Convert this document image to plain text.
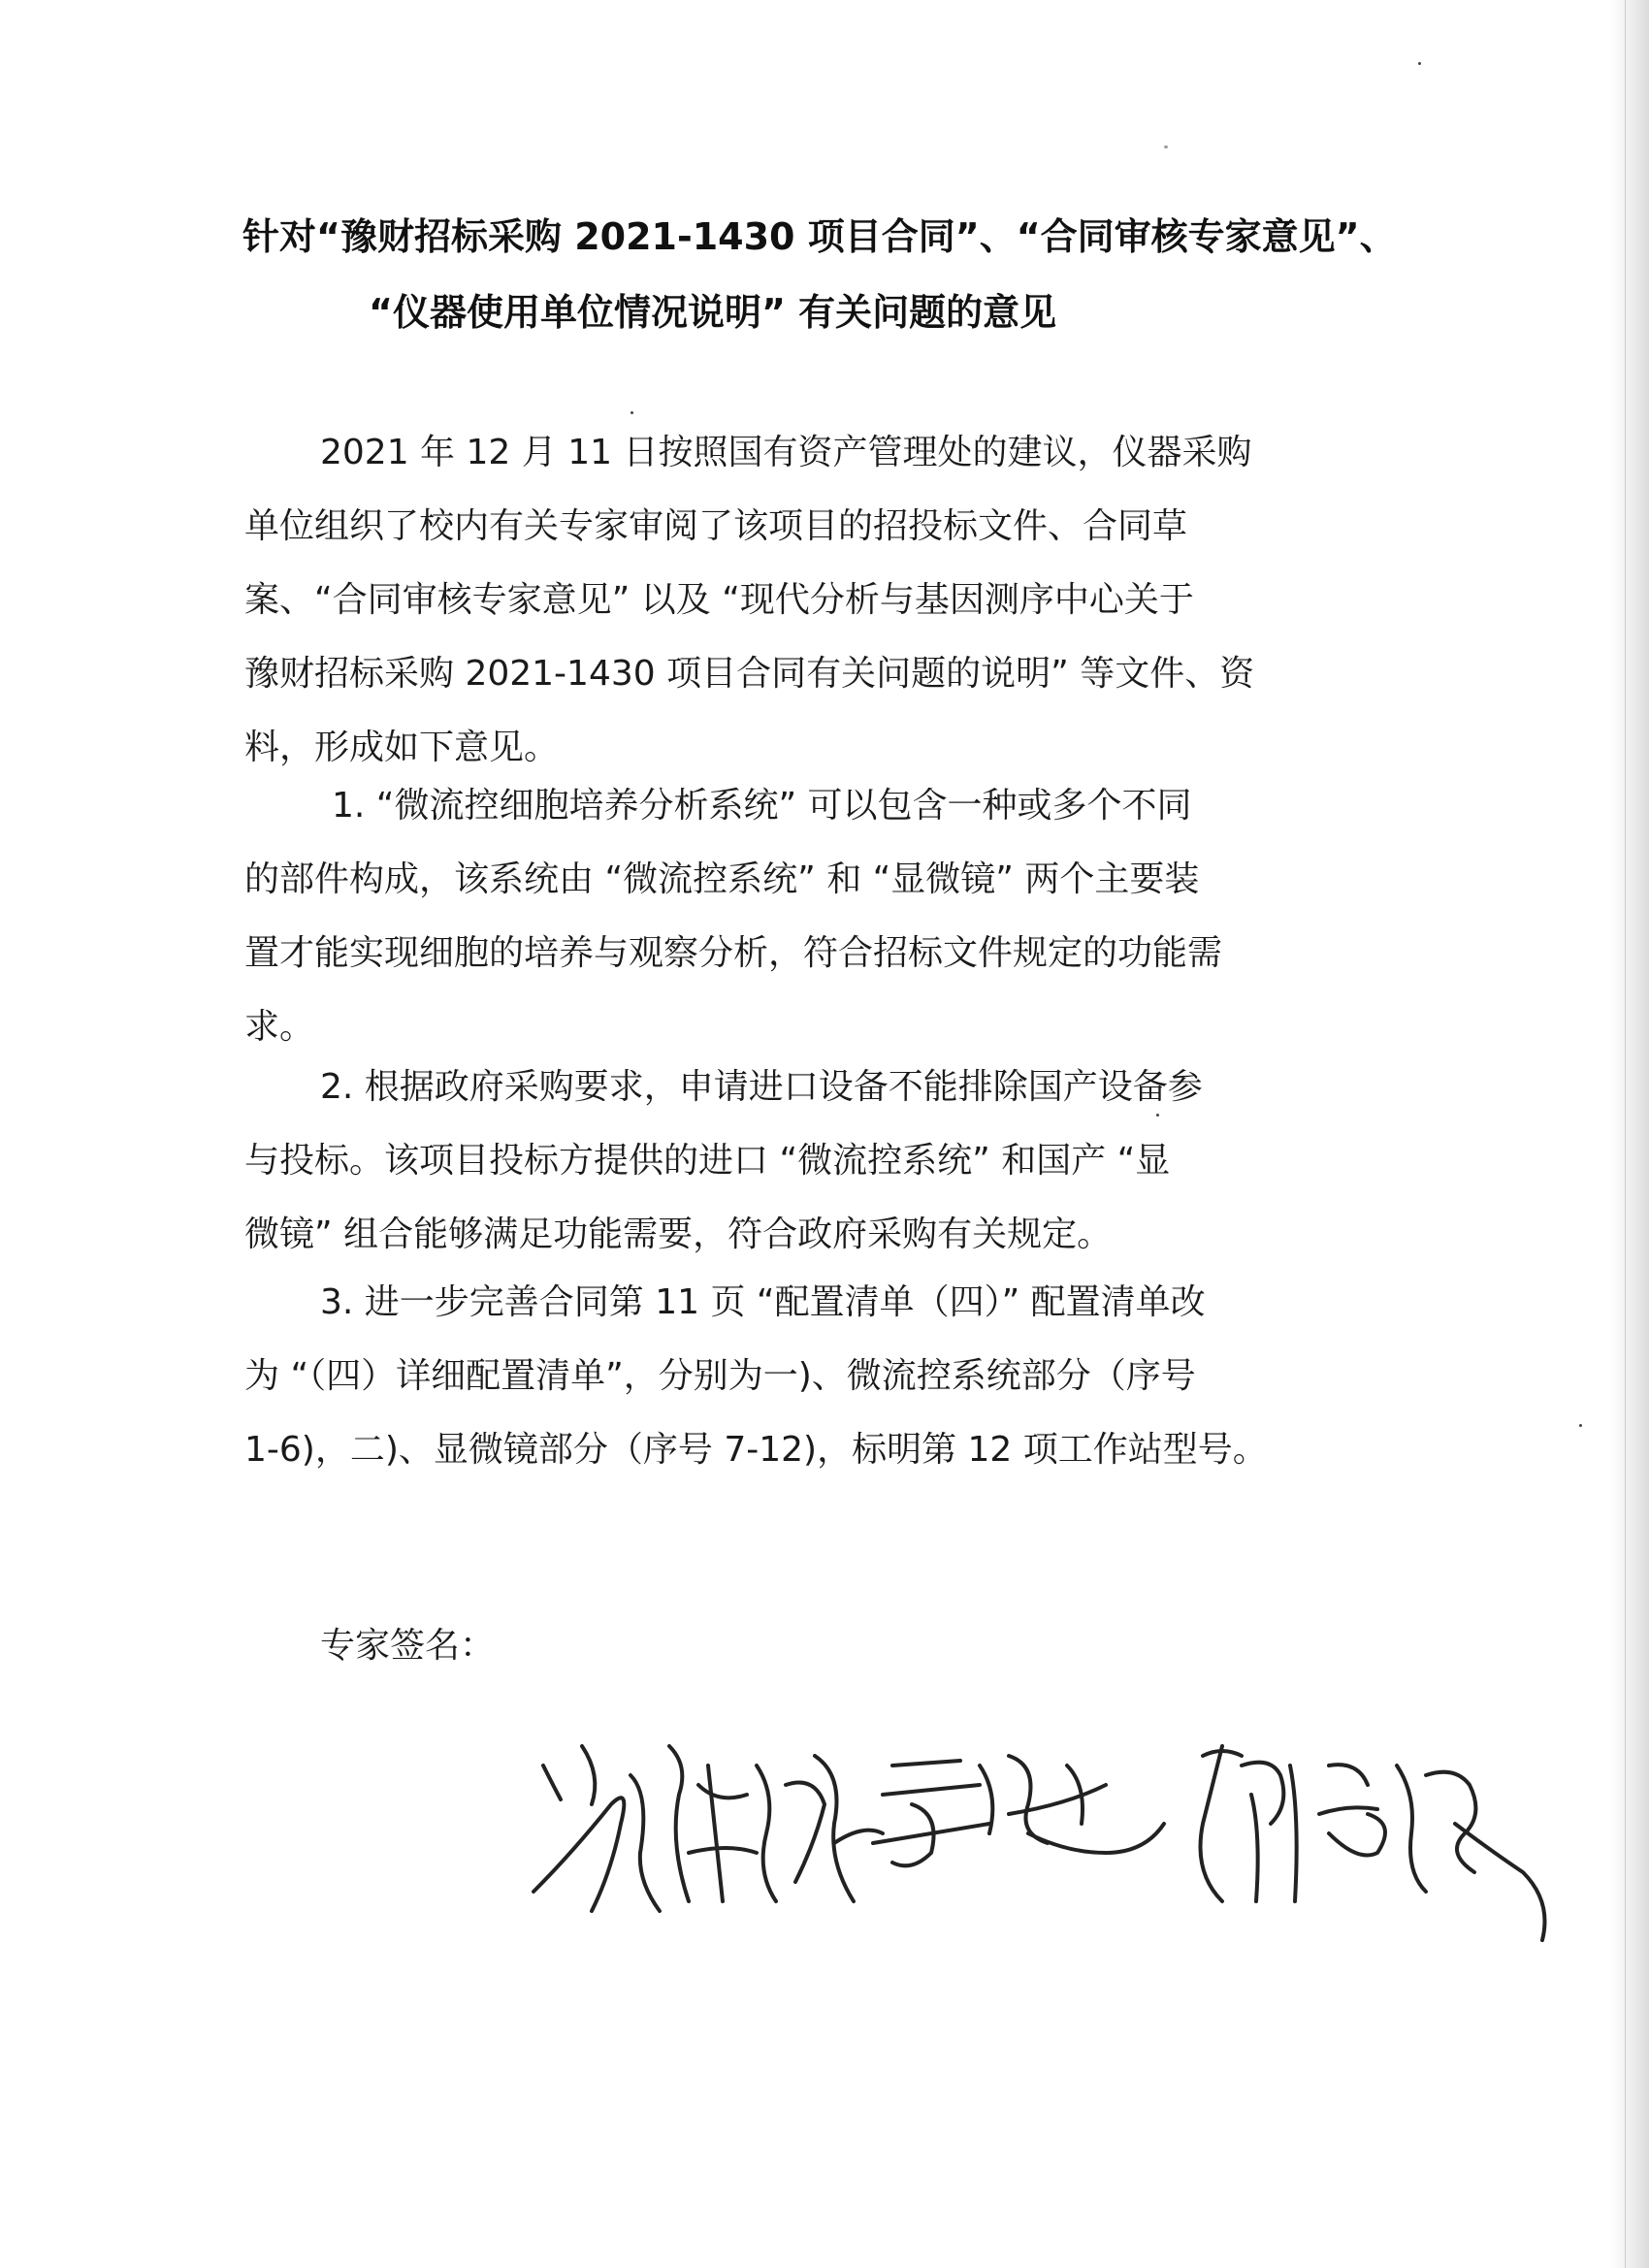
针对“豫财招标采购 2021-1430 项目合同”、“合同审核专家意见”、
“仪器使用单位情况说明” 有关问题的意见
2021 年 12 月 11 日按照国有资产管理处的建议，仪器采购
单位组织了校内有关专家审阅了该项目的招投标文件、合同草
案、“合同审核专家意见” 以及 “现代分析与基因测序中心关于
豫财招标采购 2021-1430 项目合同有关问题的说明” 等文件、资
料，形成如下意见。
1. “微流控细胞培养分析系统” 可以包含一种或多个不同
的部件构成，该系统由 “微流控系统” 和 “显微镜” 两个主要装
置才能实现细胞的培养与观察分析，符合招标文件规定的功能需
求。
2. 根据政府采购要求，申请进口设备不能排除国产设备参
与投标。该项目投标方提供的进口 “微流控系统” 和国产 “显
微镜” 组合能够满足功能需要，符合政府采购有关规定。
3. 进一步完善合同第 11 页 “配置清单（四）” 配置清单改
为 “（四）详细配置清单”，分别为一)、微流控系统部分（序号
1-6)，二)、显微镜部分（序号 7-12)，标明第 12 项工作站型号。
专家签名：
